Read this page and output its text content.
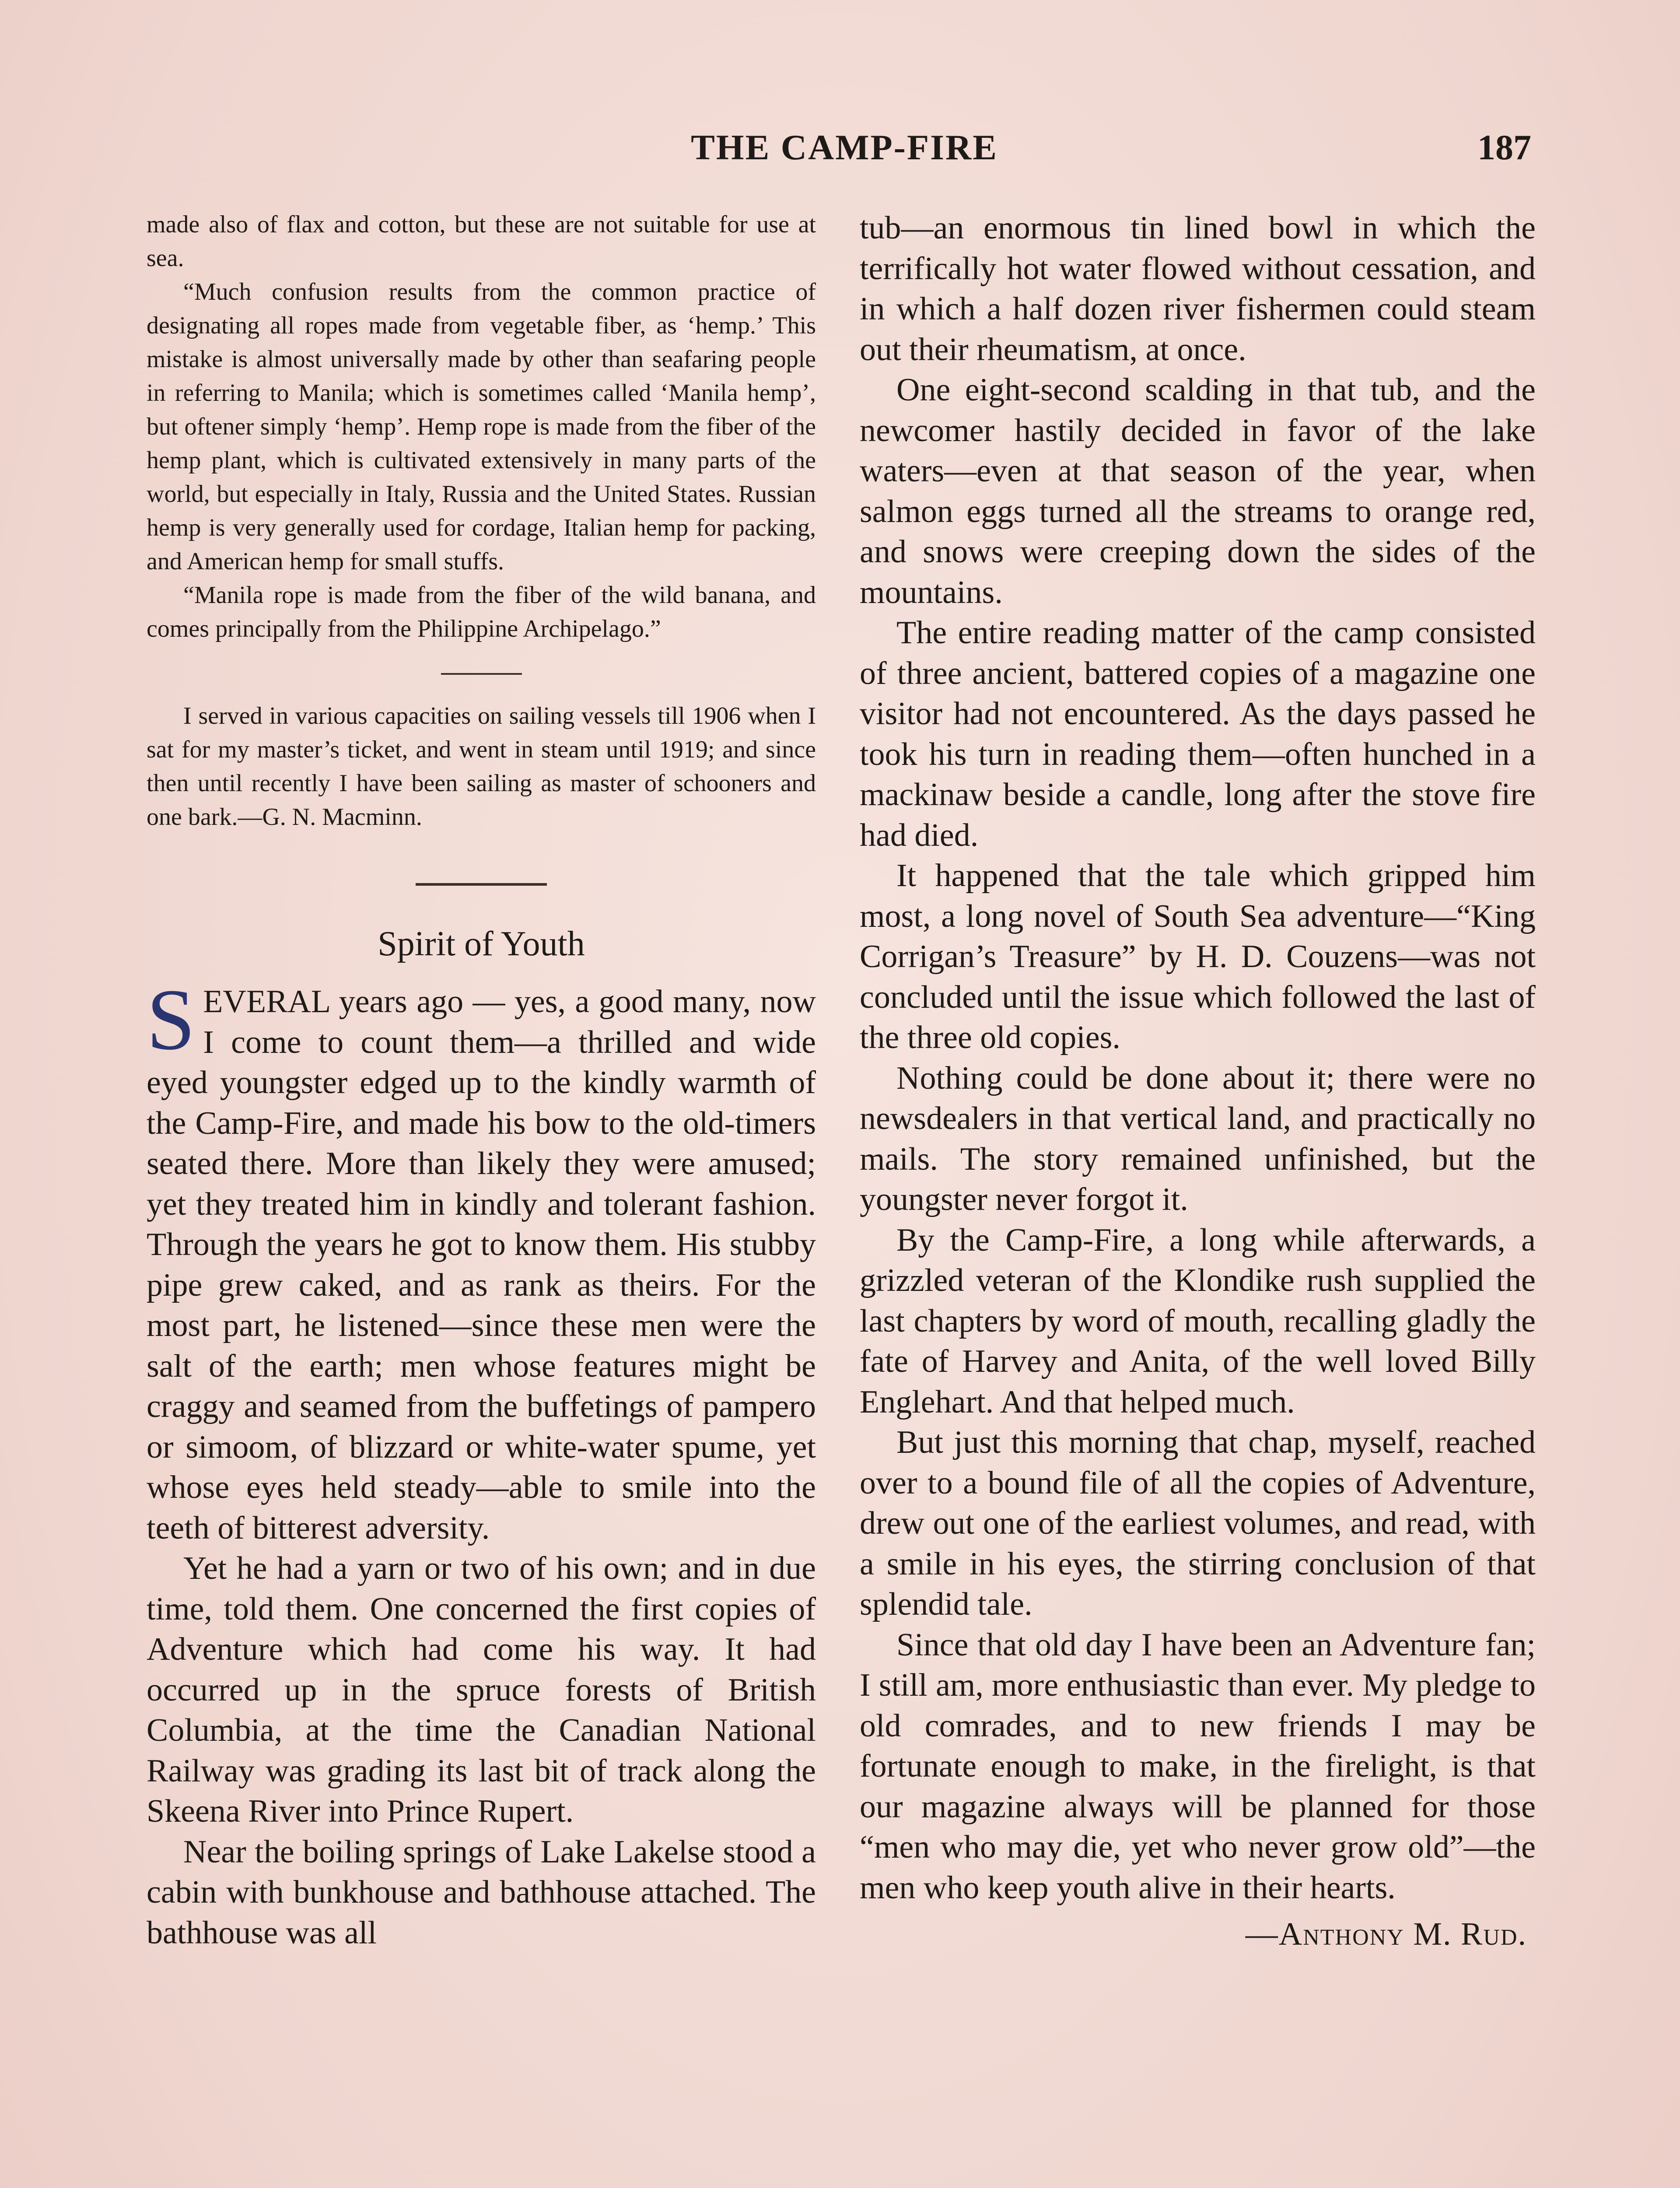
THE CAMP-FIRE	187

made also of flax and cotton, but these are not suitable for use at sea.

“Much confusion results from the common practice of designating all ropes made from vegetable fiber, as ‘hemp.’ This mistake is almost universally made by other than seafaring people in referring to Manila; which is sometimes called ‘Manila hemp’, but oftener simply ‘hemp’. Hemp rope is made from the fiber of the hemp plant, which is cultivated extensively in many parts of the world, but especially in Italy, Russia and the United States. Russian hemp is very generally used for cordage, Italian hemp for packing, and American hemp for small stuffs.

“Manila rope is made from the fiber of the wild banana, and comes principally from the Philippine Archipelago.”

I served in various capacities on sailing vessels till 1906 when I sat for my master’s ticket, and went in steam until 1919; and since then until recently I have been sailing as master of schooners and one bark.—G. N. Macminn.

Spirit of Youth

SEVERAL years ago — yes, a good many, now I come to count them—a thrilled and wide eyed youngster edged up to the kindly warmth of the Camp-Fire, and made his bow to the old-timers seated there. More than likely they were amused; yet they treated him in kindly and tolerant fashion. Through the years he got to know them. His stubby pipe grew caked, and as rank as theirs. For the most part, he listened—since these men were the salt of the earth; men whose features might be craggy and seamed from the buffetings of pampero or simoom, of blizzard or white-water spume, yet whose eyes held steady—able to smile into the teeth of bitterest adversity.

Yet he had a yarn or two of his own; and in due time, told them. One concerned the first copies of Adventure which had come his way. It had occurred up in the spruce forests of British Columbia, at the time the Canadian National Railway was grading its last bit of track along the Skeena River into Prince Rupert.

Near the boiling springs of Lake Lakelse stood a cabin with bunkhouse and bathhouse attached. The bathhouse was all

tub—an enormous tin lined bowl in which the terrifically hot water flowed without cessation, and in which a half dozen river fishermen could steam out their rheumatism, at once.

One eight-second scalding in that tub, and the newcomer hastily decided in favor of the lake waters—even at that season of the year, when salmon eggs turned all the streams to orange red, and snows were creeping down the sides of the mountains.

The entire reading matter of the camp consisted of three ancient, battered copies of a magazine one visitor had not encountered. As the days passed he took his turn in reading them—often hunched in a mackinaw beside a candle, long after the stove fire had died.

It happened that the tale which gripped him most, a long novel of South Sea adventure—“King Corrigan’s Treasure” by H. D. Couzens—was not concluded until the issue which followed the last of the three old copies.

Nothing could be done about it; there were no newsdealers in that vertical land, and practically no mails. The story remained unfinished, but the youngster never forgot it.

By the Camp-Fire, a long while afterwards, a grizzled veteran of the Klondike rush supplied the last chapters by word of mouth, recalling gladly the fate of Harvey and Anita, of the well loved Billy Englehart. And that helped much.

But just this morning that chap, myself, reached over to a bound file of all the copies of Adventure, drew out one of the earliest volumes, and read, with a smile in his eyes, the stirring conclusion of that splendid tale.

Since that old day I have been an Adventure fan; I still am, more enthusiastic than ever. My pledge to old comrades, and to new friends I may be fortunate enough to make, in the firelight, is that our magazine always will be planned for those “men who may die, yet who never grow old”—the men who keep youth alive in their hearts.

—Anthony M. Rud.
